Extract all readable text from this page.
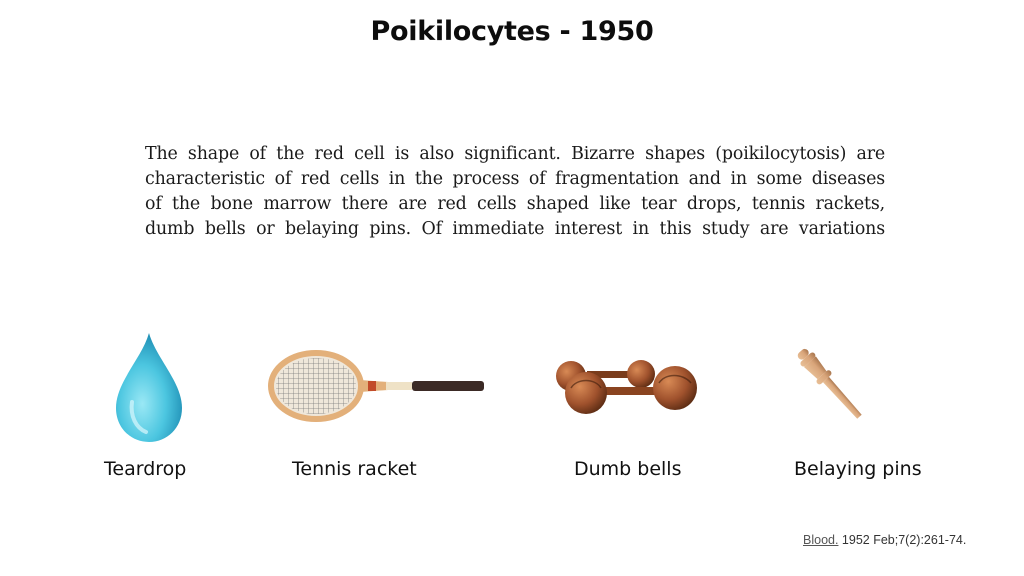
Poikilocytes - 1950
The shape of the red cell is also significant. Bizarre shapes (poikilocytosis) are
characteristic of red cells in the process of fragmentation and in some diseases
of the bone marrow there are red cells shaped like tear drops, tennis rackets,
dumb bells or belaying pins. Of immediate interest in this study are variations
Teardrop	Tennis racket	Dumb bells	Belaying pins
Blood. 1952 Feb;7(2):261-74.
